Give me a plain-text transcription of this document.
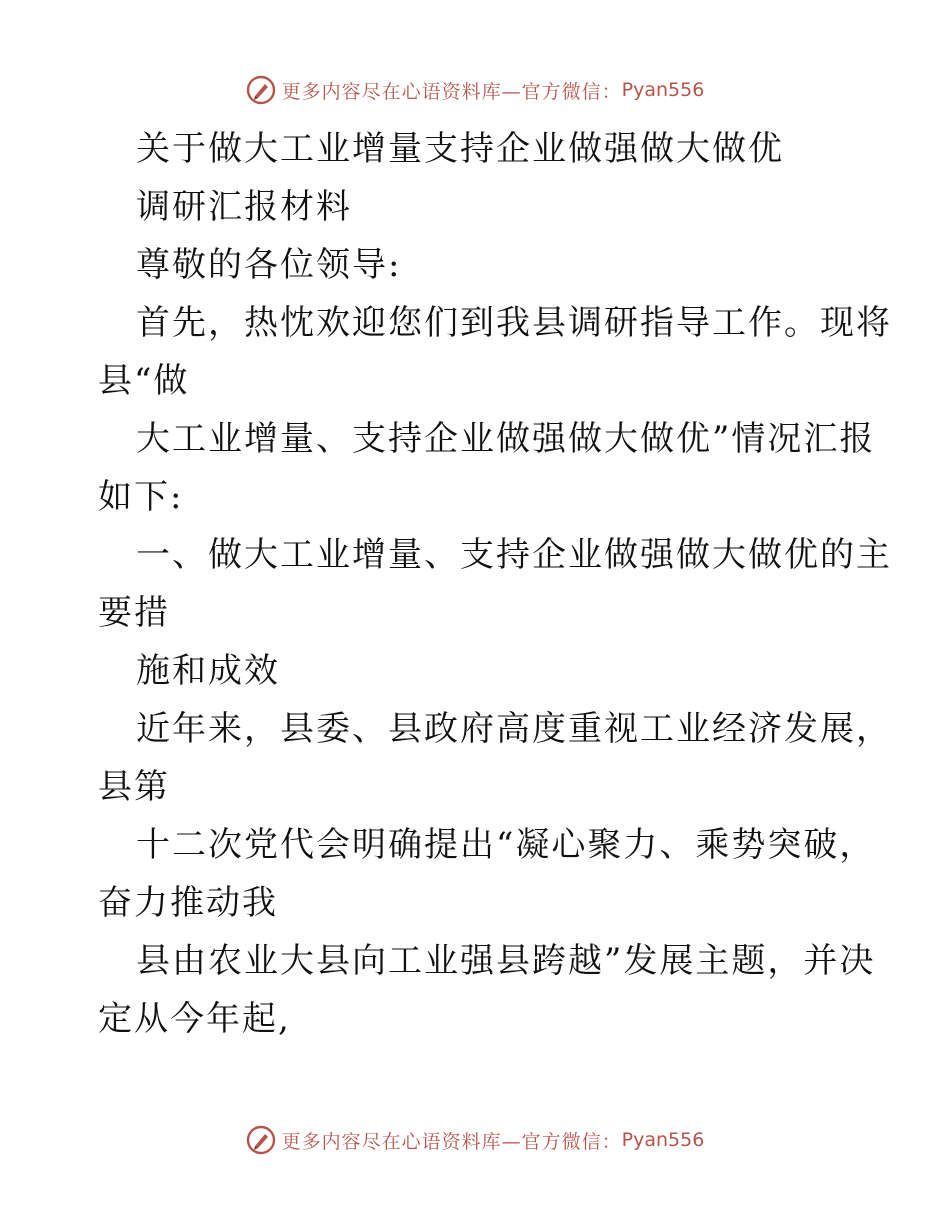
更多内容尽在心语资料库—官方微信： Pyan556
关于做大工业增量支持企业做强做大做优
调研汇报材料
尊敬的各位领导:
首先，热忱欢迎您们到我县调研指导工作。现将
县“做
大工业增量、支持企业做强做大做优”情况汇报
如下:
一、做大工业增量、支持企业做强做大做优的主
要措
施和成效
近年来，县委、县政府高度重视工业经济发展，
县第
十二次党代会明确提出“凝心聚力、乘势突破，
奋力推动我
县由农业大县向工业强县跨越”发展主题，并决
定从今年起,
更多内容尽在心语资料库—官方微信： Pyan556
